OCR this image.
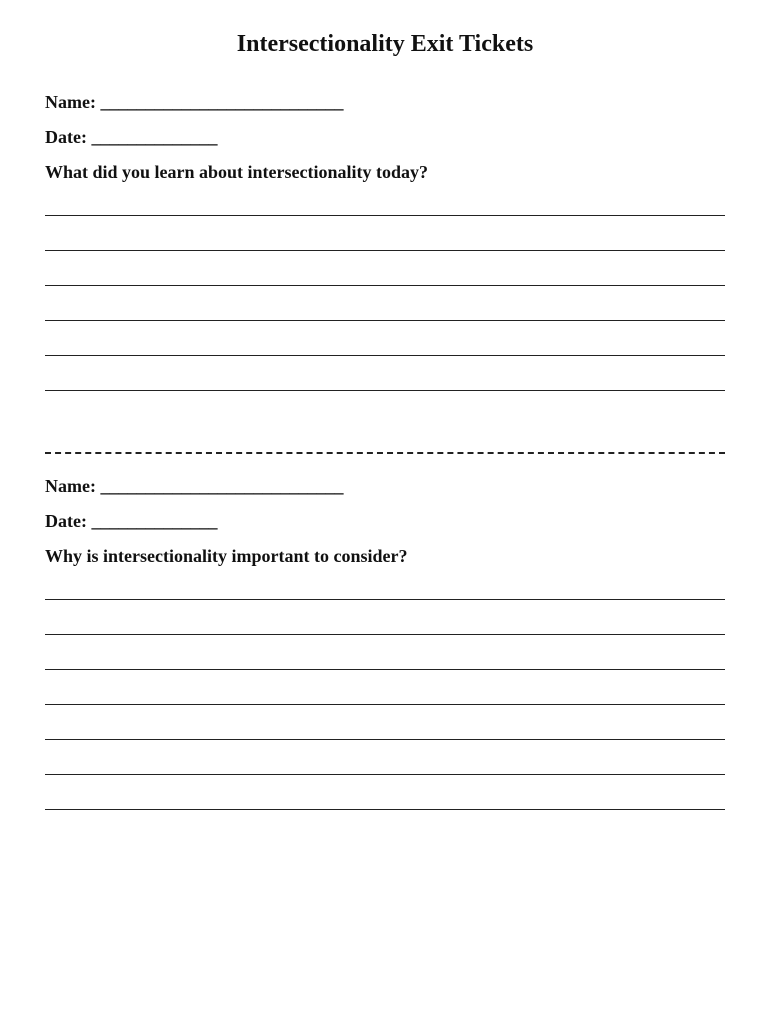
Intersectionality Exit Tickets
Name: ___________________________
Date: ______________
What did you learn about intersectionality today?
Name: ___________________________
Date: ______________
Why is intersectionality important to consider?
